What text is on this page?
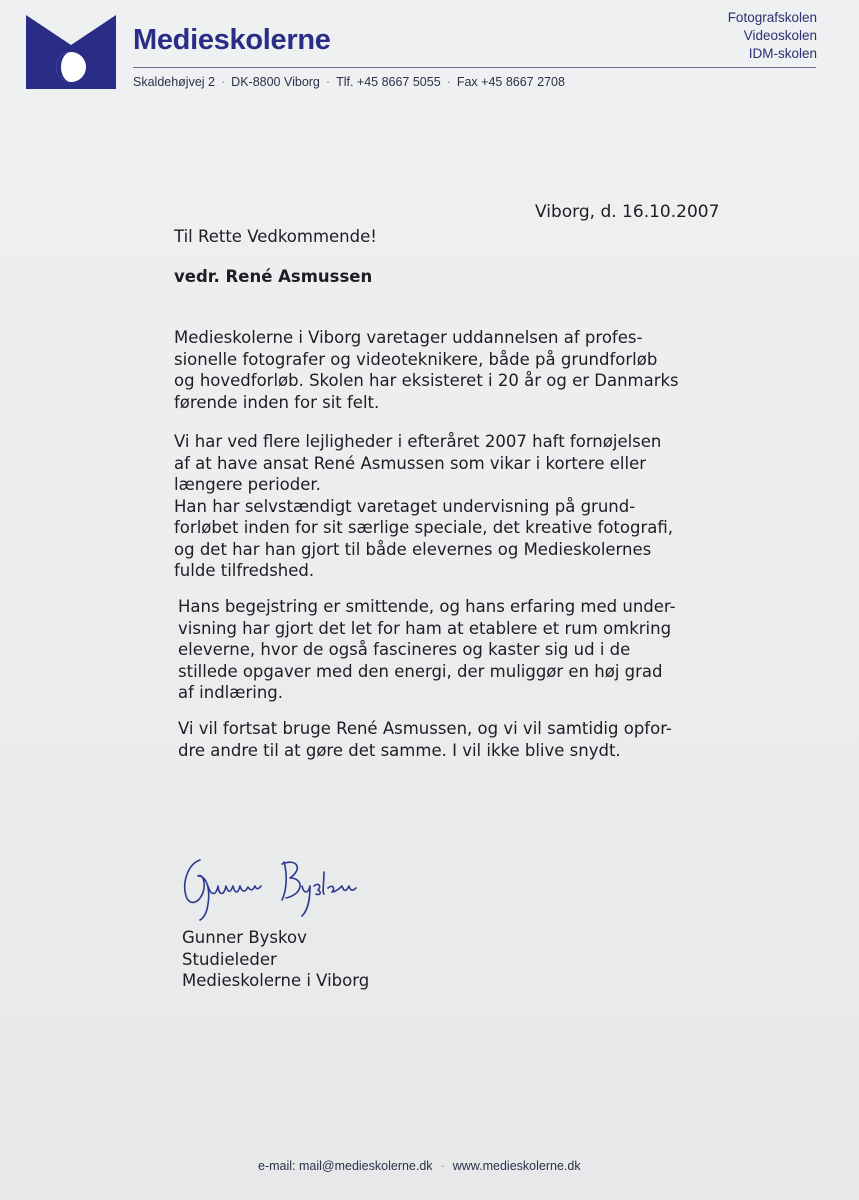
Medieskolerne
Fotografskolen
Videoskolen
IDM-skolen
Skaldehøjvej 2 · DK-8800 Viborg · Tlf. +45 8667 5055 · Fax +45 8667 2708
Viborg, d. 16.10.2007
Til Rette Vedkommende!
vedr. René Asmussen
Medieskolerne i Viborg varetager uddannelsen af profes-
sionelle fotografer og videoteknikere, både på grundforløb
og hovedforløb. Skolen har eksisteret i 20 år og er Danmarks
førende inden for sit felt.
Vi har ved flere lejligheder i efteråret 2007 haft fornøjelsen
af at have ansat René Asmussen som vikar i kortere eller
længere perioder.
Han har selvstændigt varetaget undervisning på grund-
forløbet inden for sit særlige speciale, det kreative fotografi,
og det har han gjort til både elevernes og Medieskolernes
fulde tilfredshed.
Hans begejstring er smittende, og hans erfaring med under-
visning har gjort det let for ham at etablere et rum omkring
eleverne, hvor de også fascineres og kaster sig ud i de
stillede opgaver med den energi, der muliggør en høj grad
af indlæring.
Vi vil fortsat bruge René Asmussen, og vi vil samtidig opfor-
dre andre til at gøre det samme. I vil ikke blive snydt.
Gunner Byskov
Gunner Byskov
Studieleder
Medieskolerne i Viborg
e-mail: mail@medieskolerne.dk · www.medieskolerne.dk
